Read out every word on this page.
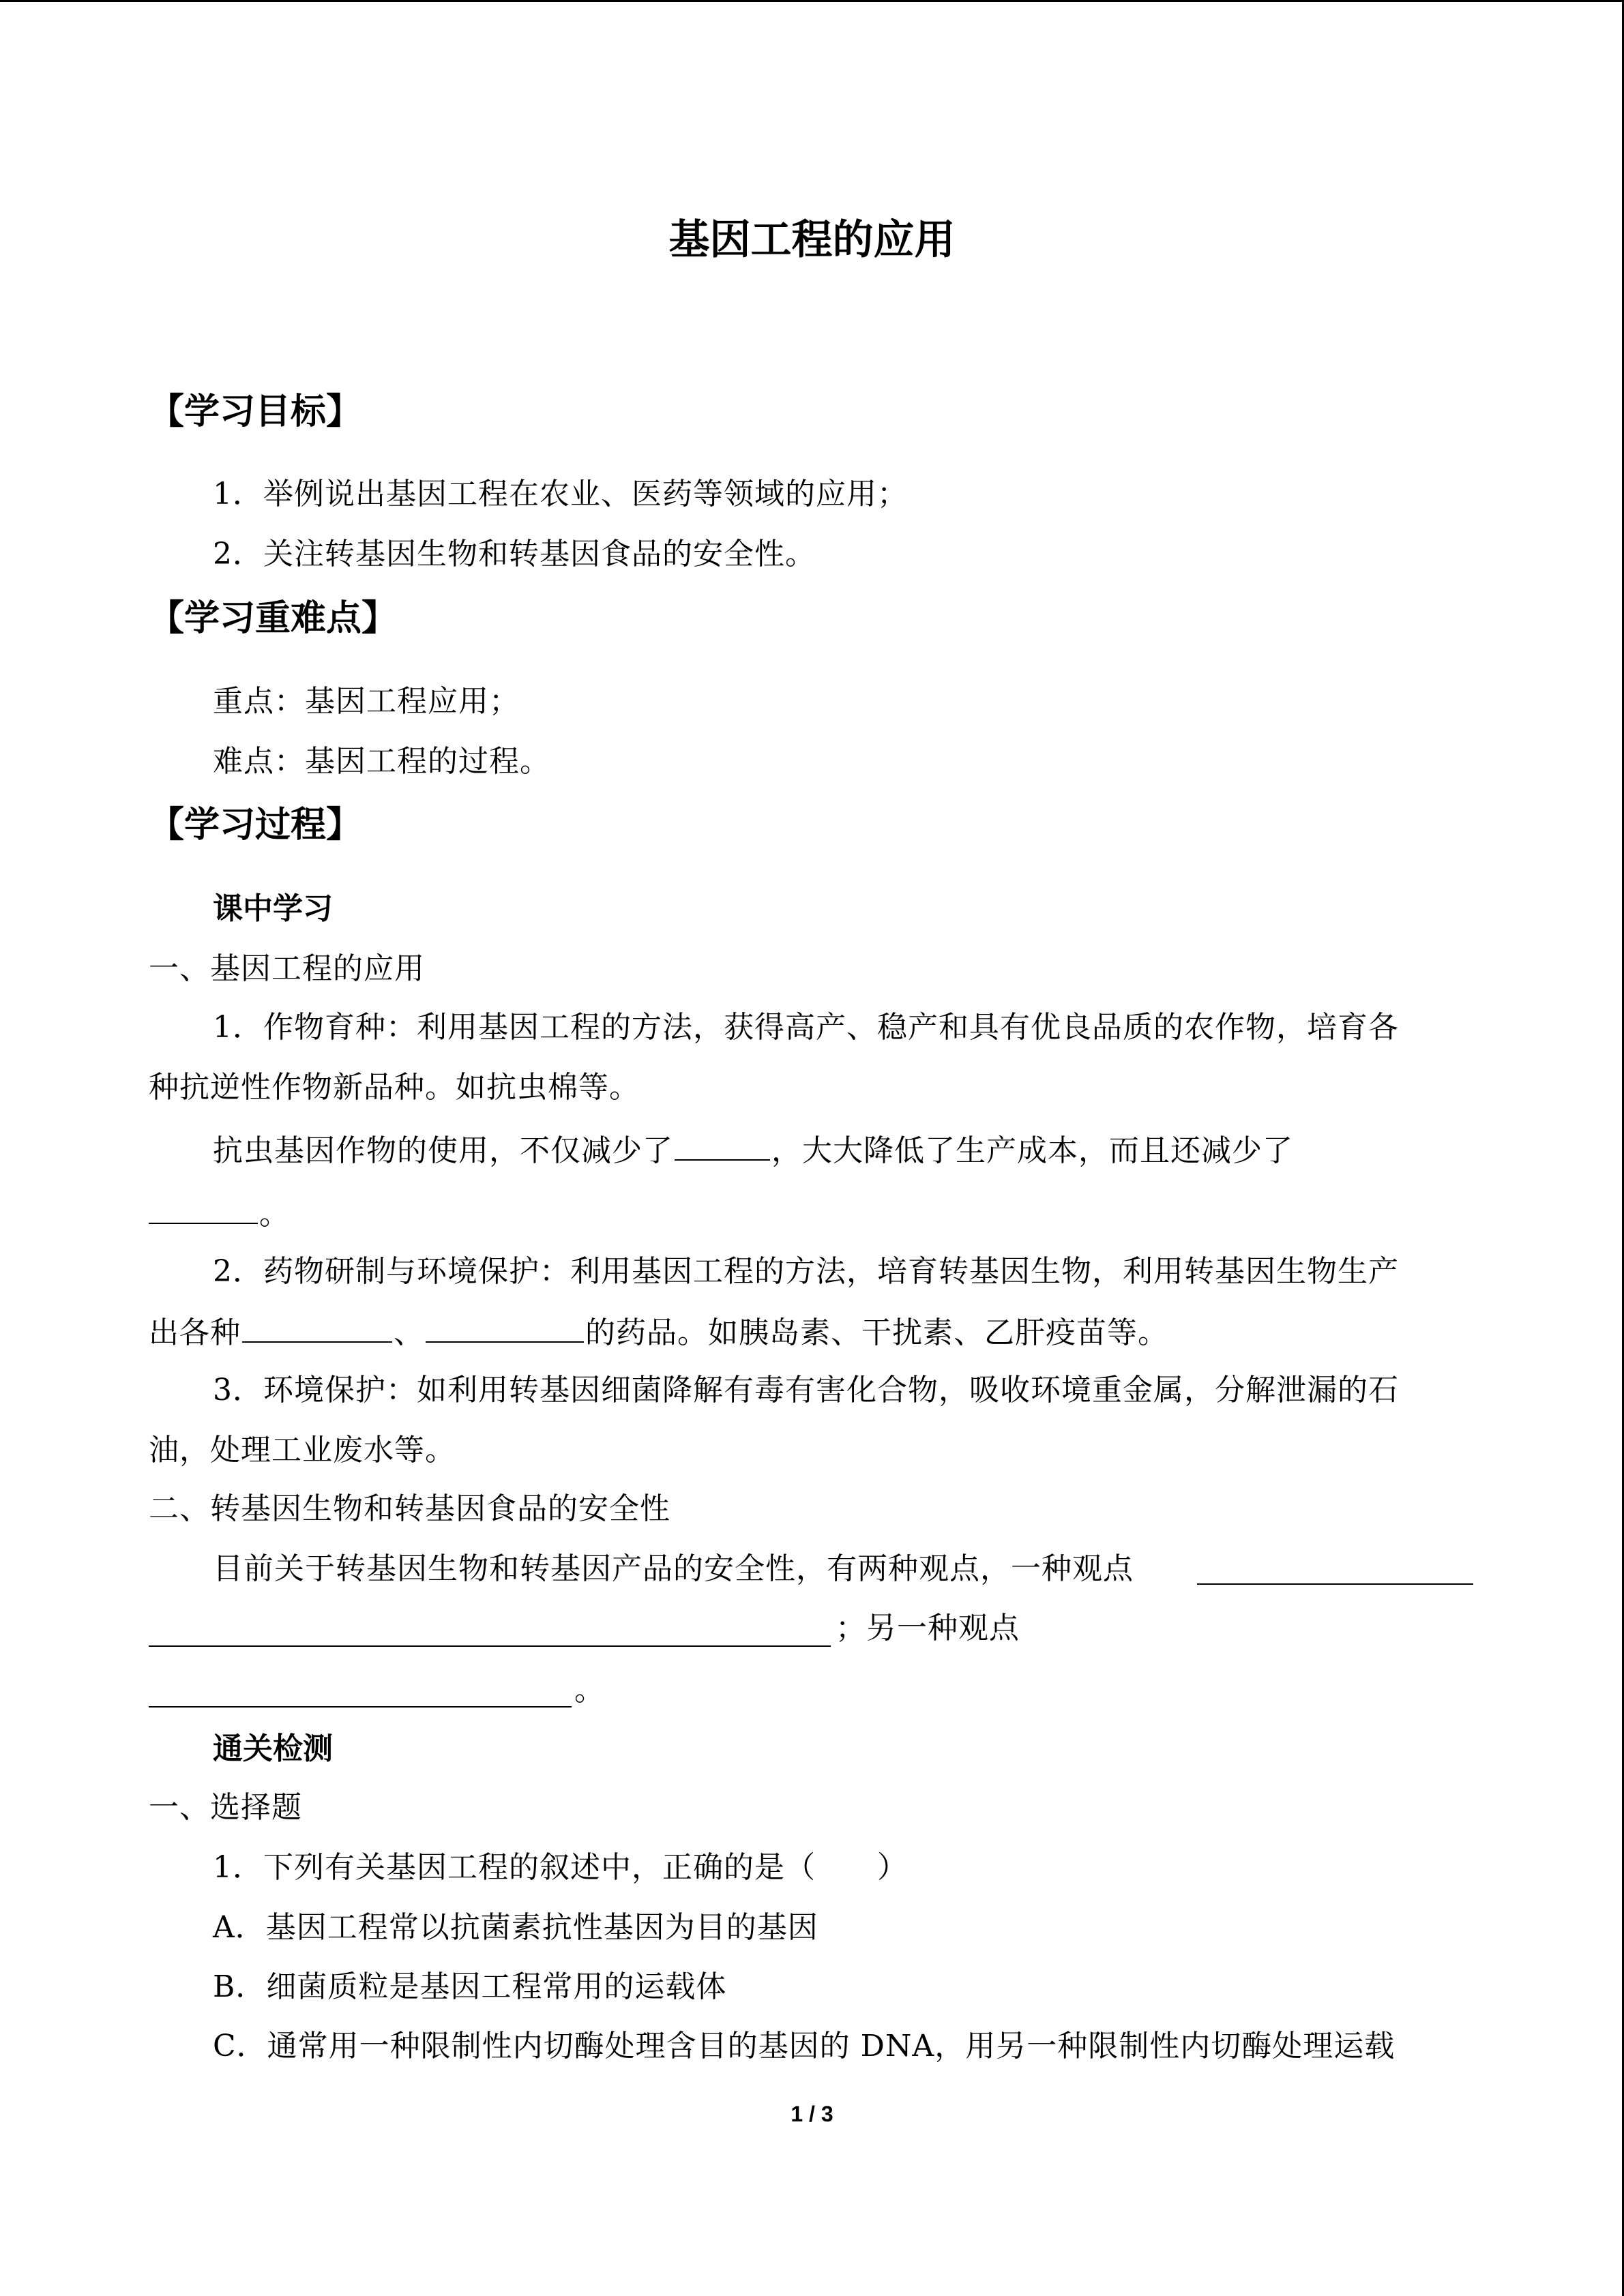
基因工程的应用
【学习目标】
1．举例说出基因工程在农业、医药等领域的应用；
2．关注转基因生物和转基因食品的安全性。
【学习重难点】
重点：基因工程应用；
难点：基因工程的过程。
【学习过程】
课中学习
一、基因工程的应用
1．作物育种：利用基因工程的方法，获得高产、稳产和具有优良品质的农作物，培育各
种抗逆性作物新品种。如抗虫棉等。
抗虫基因作物的使用，不仅减少了	，大大降低了生产成本，而且还减少了
。
2．药物研制与环境保护：利用基因工程的方法，培育转基因生物，利用转基因生物生产
出各种	、	的药品。如胰岛素、干扰素、乙肝疫苗等。
3．环境保护：如利用转基因细菌降解有毒有害化合物，吸收环境重金属，分解泄漏的石
油，处理工业废水等。
二、转基因生物和转基因食品的安全性
目前关于转基因生物和转基因产品的安全性，有两种观点，一种观点
；另一种观点
。
通关检测
一、选择题
1．下列有关基因工程的叙述中，正确的是（　　）
A．基因工程常以抗菌素抗性基因为目的基因
B．细菌质粒是基因工程常用的运载体
C．通常用一种限制性内切酶处理含目的基因的 DNA，用另一种限制性内切酶处理运载
1 / 3
